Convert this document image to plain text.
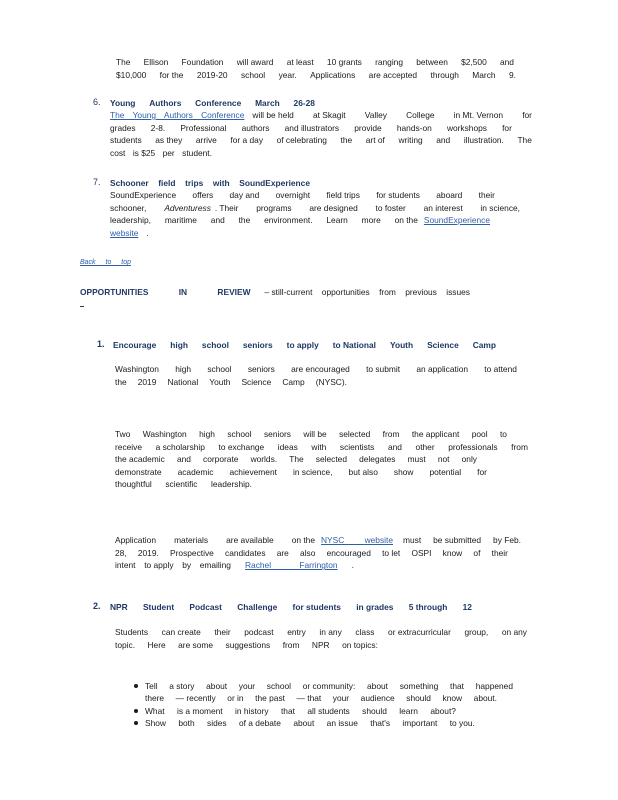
The Ellison Foundation will award at least 10 grants ranging between $2,500 and
$10,000 for the 2019-20 school year. Applications are accepted through March 9.
6. Young Authors Conference March 26-28
The Young Authors Conference will be held at Skagit Valley College in Mt. Vernon for
grades 2-8. Professional authors and illustrators provide hands-on workshops for
students as they arrive for a day of celebrating the art of writing and illustration. The
cost is $25 per student.
7. Schooner field trips with SoundExperience
SoundExperience offers day and overnight field trips for students aboard their
schooner, Adventuress . Their programs are designed to foster an interest in science,
leadership, maritime and the environment. Learn more on the SoundExperience
website .
Back to top
OPPORTUNITIES IN REVIEW – still-current opportunities from previous issues
1. Encourage high school seniors to apply to National Youth Science Camp
Washington high school seniors are encouraged to submit an application to attend
the 2019 National Youth Science Camp (NYSC).
Two Washington high school seniors will be selected from the applicant pool to
receive a scholarship to exchange ideas with scientists and other professionals from
the academic and corporate worlds. The selected delegates must not only
demonstrate academic achievement in science, but also show potential for
thoughtful scientific leadership.
Application materials are available on the NYSC website	must be submitted by Feb.
28, 2019. Prospective candidates are also encouraged to let OSPI know of their
intent to apply by emailing Rachel Farrington	.
2. NPR Student Podcast Challenge for students in grades 5 through 12
Students can create their podcast entry in any class or extracurricular group, on any
topic. Here are some suggestions from NPR on topics:
Tell a story about your school or community: about something that happened
there — recently or in the past — that your audience should know about.
What is a moment in history that all students should learn about?
Show both sides of a debate about an issue that's important to you.
